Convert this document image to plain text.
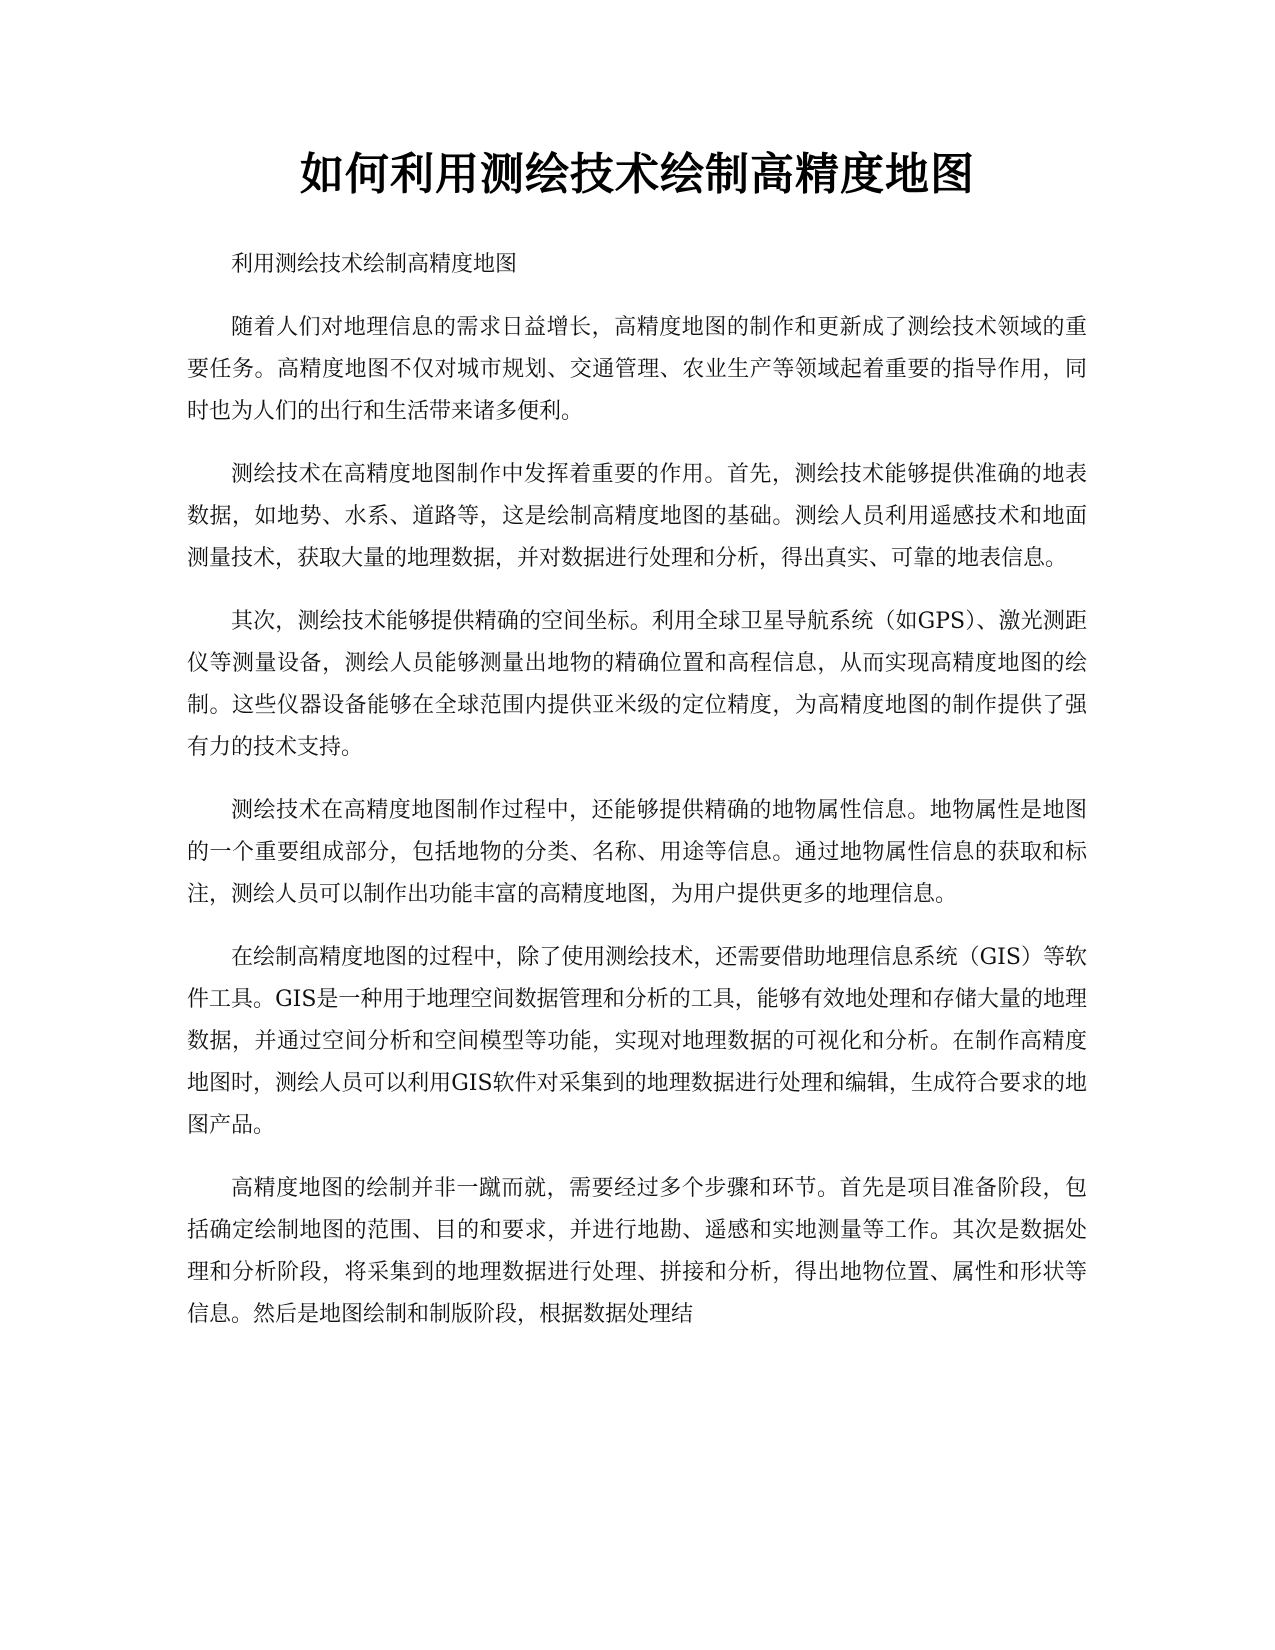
如何利用测绘技术绘制高精度地图

利用测绘技术绘制高精度地图

随着人们对地理信息的需求日益增长，高精度地图的制作和更新成了测绘技术领域的重要任务。高精度地图不仅对城市规划、交通管理、农业生产等领域起着重要的指导作用，同时也为人们的出行和生活带来诸多便利。

测绘技术在高精度地图制作中发挥着重要的作用。首先，测绘技术能够提供准确的地表数据，如地势、水系、道路等，这是绘制高精度地图的基础。测绘人员利用遥感技术和地面测量技术，获取大量的地理数据，并对数据进行处理和分析，得出真实、可靠的地表信息。

其次，测绘技术能够提供精确的空间坐标。利用全球卫星导航系统（如GPS）、激光测距仪等测量设备，测绘人员能够测量出地物的精确位置和高程信息，从而实现高精度地图的绘制。这些仪器设备能够在全球范围内提供亚米级的定位精度，为高精度地图的制作提供了强有力的技术支持。

测绘技术在高精度地图制作过程中，还能够提供精确的地物属性信息。地物属性是地图的一个重要组成部分，包括地物的分类、名称、用途等信息。通过地物属性信息的获取和标注，测绘人员可以制作出功能丰富的高精度地图，为用户提供更多的地理信息。

在绘制高精度地图的过程中，除了使用测绘技术，还需要借助地理信息系统（GIS）等软件工具。GIS是一种用于地理空间数据管理和分析的工具，能够有效地处理和存储大量的地理数据，并通过空间分析和空间模型等功能，实现对地理数据的可视化和分析。在制作高精度地图时，测绘人员可以利用GIS软件对采集到的地理数据进行处理和编辑，生成符合要求的地图产品。

高精度地图的绘制并非一蹴而就，需要经过多个步骤和环节。首先是项目准备阶段，包括确定绘制地图的范围、目的和要求，并进行地勘、遥感和实地测量等工作。其次是数据处理和分析阶段，将采集到的地理数据进行处理、拼接和分析，得出地物位置、属性和形状等信息。然后是地图绘制和制版阶段，根据数据处理结
